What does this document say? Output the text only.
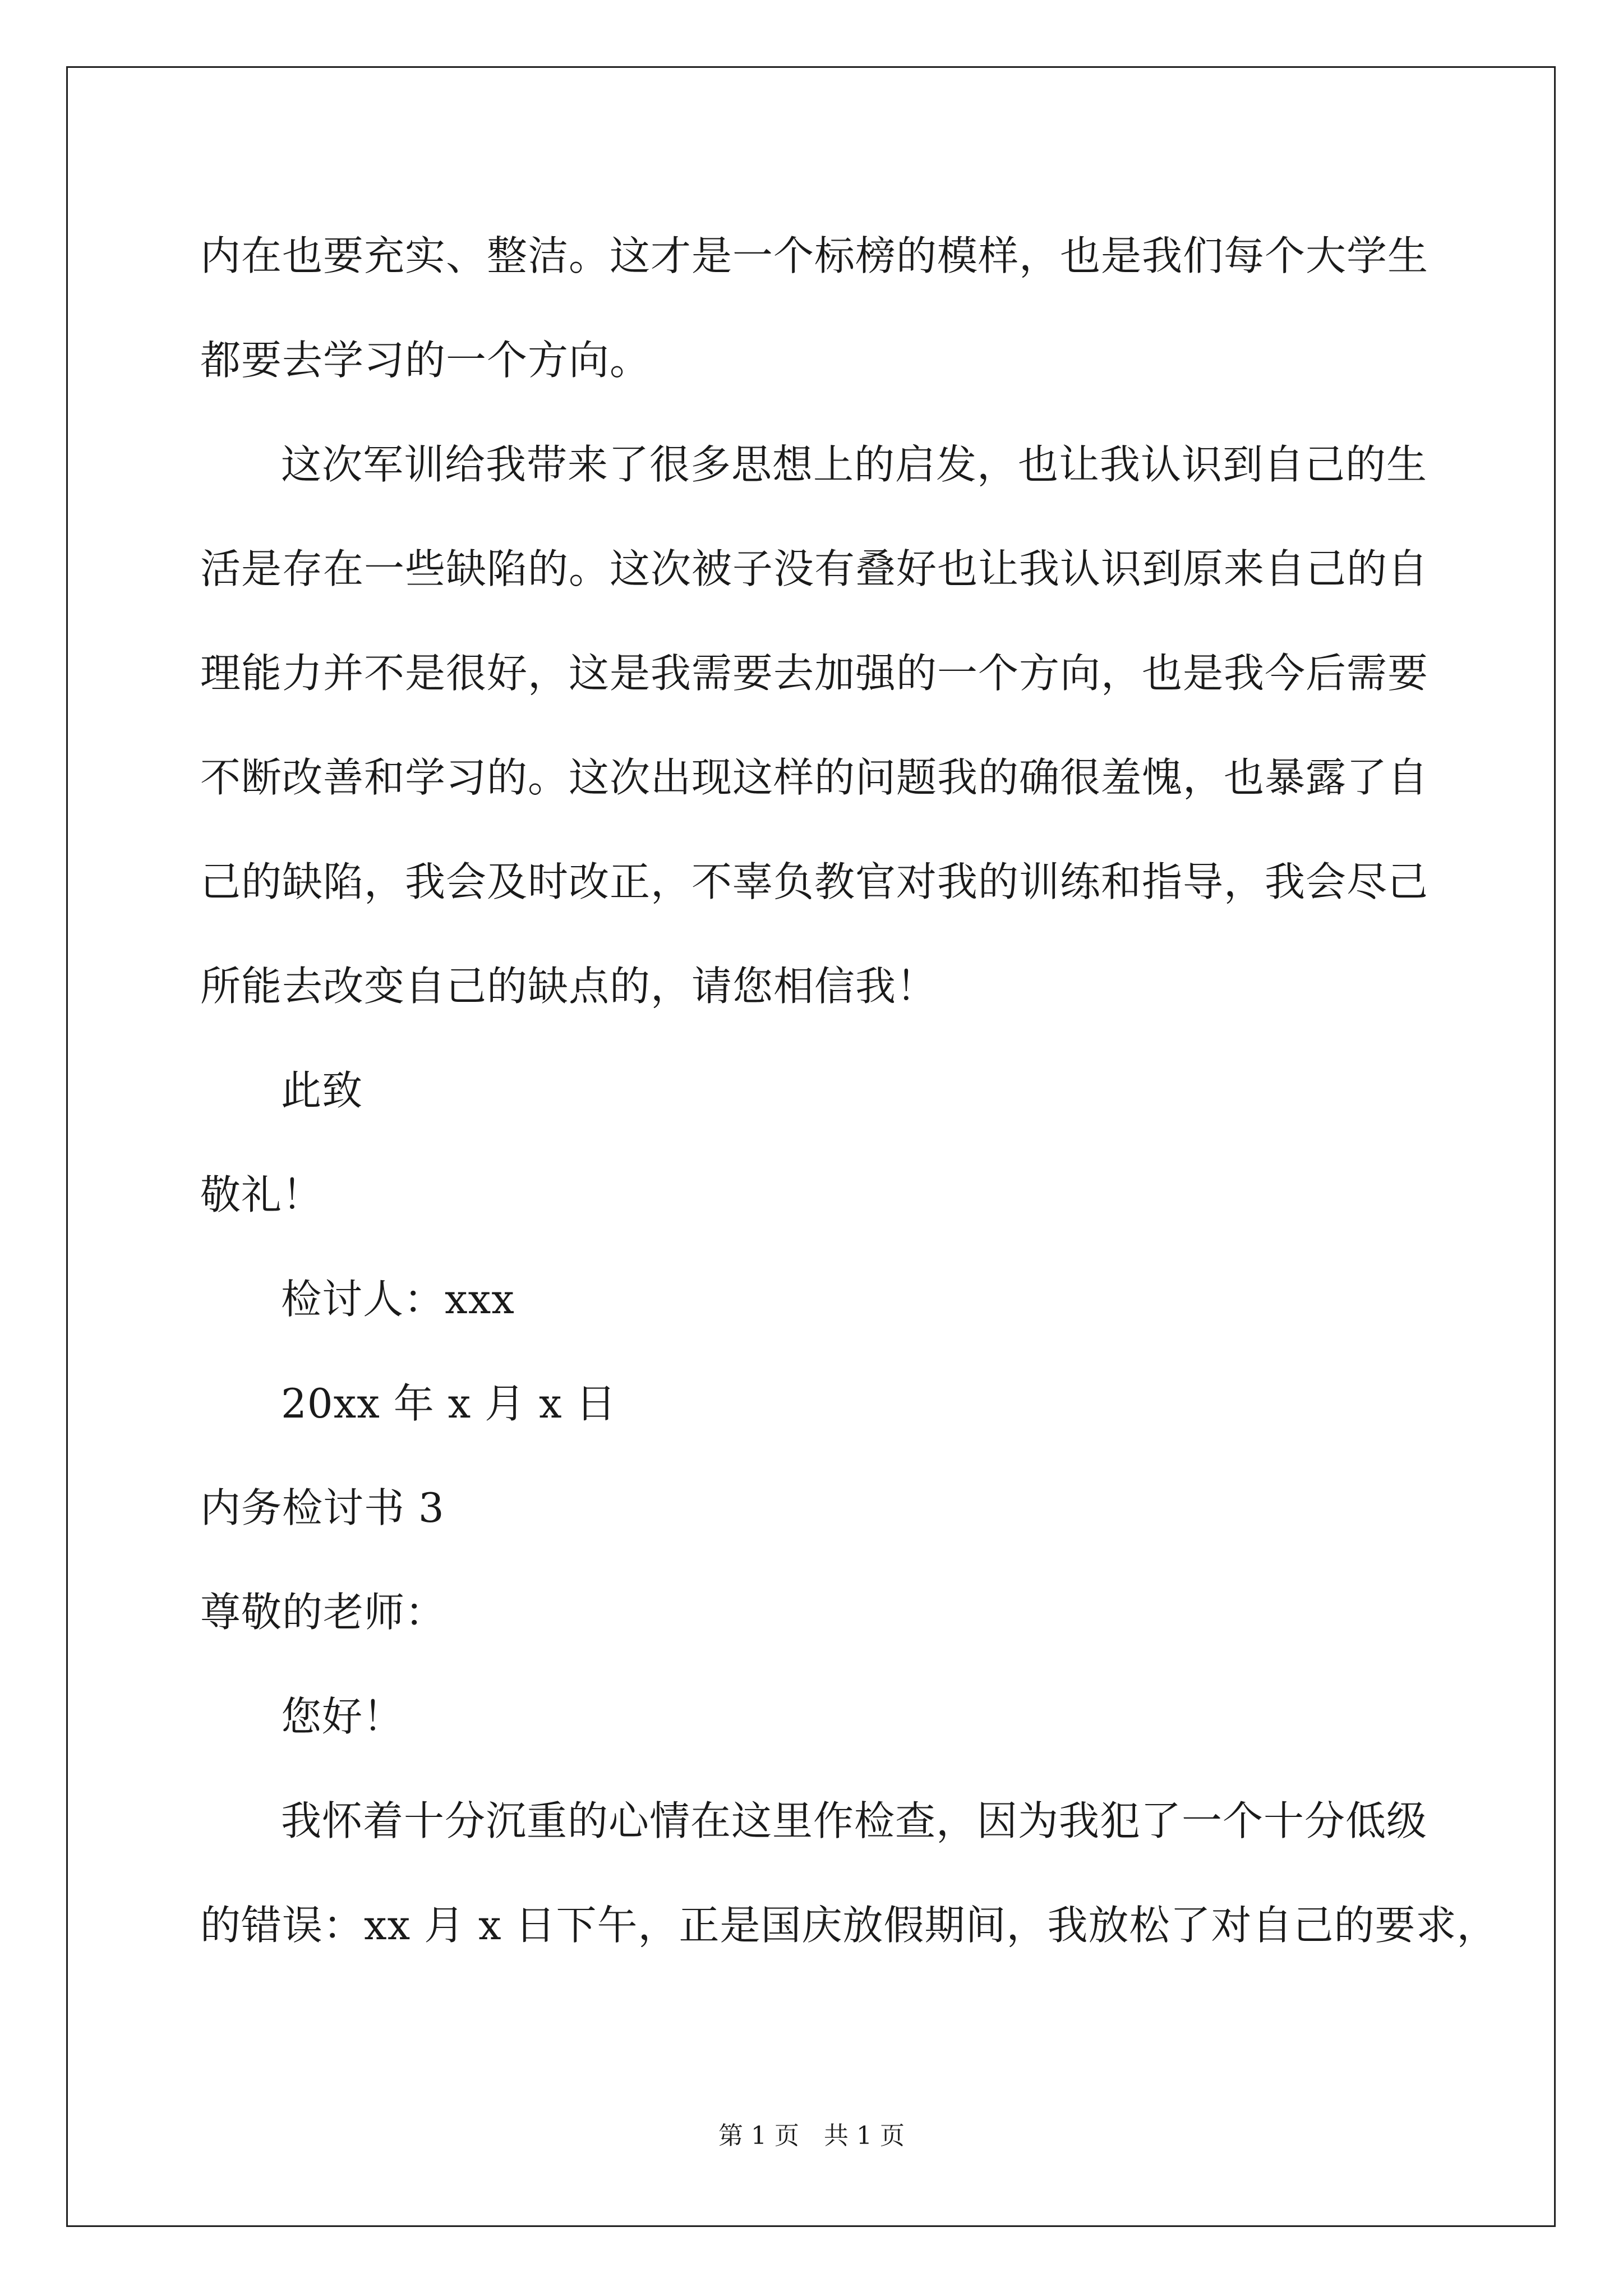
内在也要充实、整洁。这才是一个标榜的模样，也是我们每个大学生
都要去学习的一个方向。
这次军训给我带来了很多思想上的启发，也让我认识到自己的生
活是存在一些缺陷的。这次被子没有叠好也让我认识到原来自己的自
理能力并不是很好，这是我需要去加强的一个方向，也是我今后需要
不断改善和学习的。这次出现这样的问题我的确很羞愧，也暴露了自
己的缺陷，我会及时改正，不辜负教官对我的训练和指导，我会尽己
所能去改变自己的缺点的，请您相信我！
此致
敬礼！
检讨人：xxx
20xx 年 x 月 x 日
内务检讨书 3
尊敬的老师：
您好！
我怀着十分沉重的心情在这里作检查，因为我犯了一个十分低级
的错误：xx 月 x 日下午，正是国庆放假期间，我放松了对自己的要求，
第 1 页　共 1 页
